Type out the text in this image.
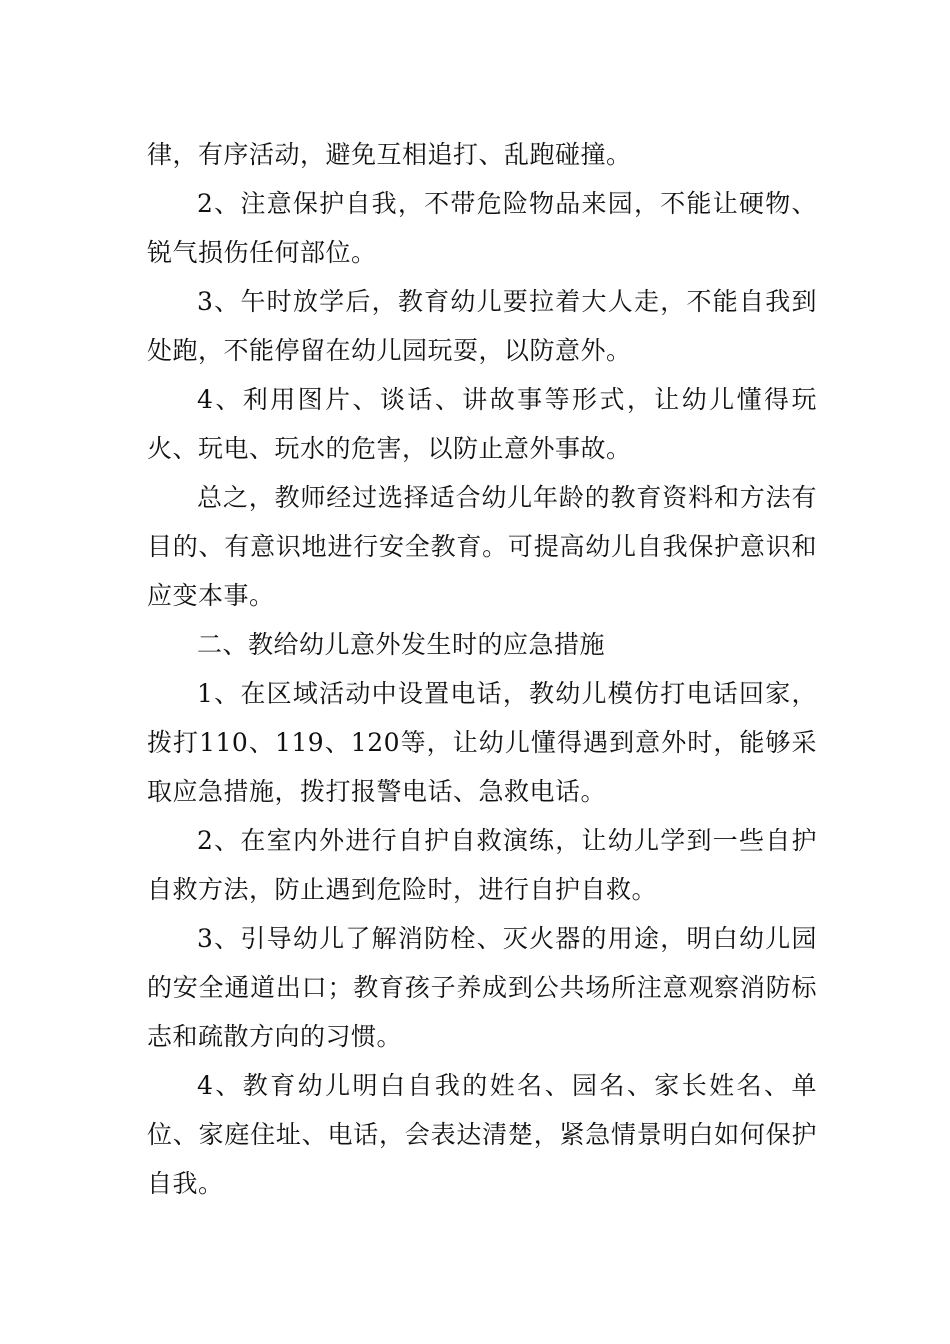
律，有序活动，避免互相追打、乱跑碰撞。

2、注意保护自我，不带危险物品来园，不能让硬物、锐气损伤任何部位。

3、午时放学后，教育幼儿要拉着大人走，不能自我到处跑，不能停留在幼儿园玩耍，以防意外。

4、利用图片、谈话、讲故事等形式，让幼儿懂得玩火、玩电、玩水的危害，以防止意外事故。

总之，教师经过选择适合幼儿年龄的教育资料和方法有目的、有意识地进行安全教育。可提高幼儿自我保护意识和应变本事。

二、教给幼儿意外发生时的应急措施

1、在区域活动中设置电话，教幼儿模仿打电话回家，拨打110、119、120等，让幼儿懂得遇到意外时，能够采取应急措施，拨打报警电话、急救电话。

2、在室内外进行自护自救演练，让幼儿学到一些自护自救方法，防止遇到危险时，进行自护自救。

3、引导幼儿了解消防栓、灭火器的用途，明白幼儿园的安全通道出口；教育孩子养成到公共场所注意观察消防标志和疏散方向的习惯。

4、教育幼儿明白自我的姓名、园名、家长姓名、单位、家庭住址、电话，会表达清楚，紧急情景明白如何保护自我。
